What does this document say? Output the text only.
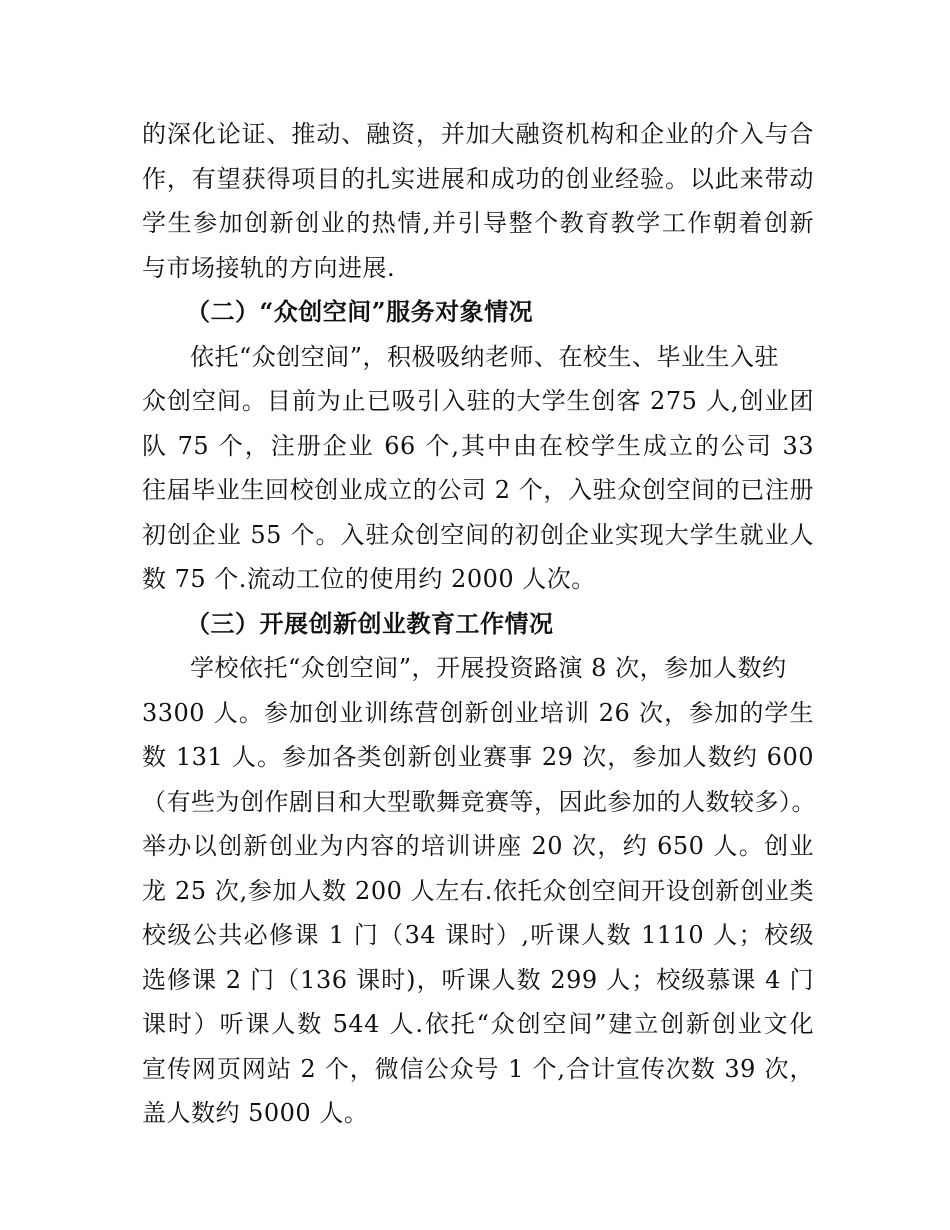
的深化论证、推动、融资，并加大融资机构和企业的介入与合
作，有望获得项目的扎实进展和成功的创业经验。以此来带动
学生参加创新创业的热情,并引导整个教育教学工作朝着创新
与市场接轨的方向进展.
（二）“众创空间”服务对象情况
依托“众创空间”，积极吸纳老师、在校生、毕业生入驻
众创空间。目前为止已吸引入驻的大学生创客 275 人,创业团
队 75 个，注册企业 66 个,其中由在校学生成立的公司 33
往届毕业生回校创业成立的公司 2 个，入驻众创空间的已注册
初创企业 55 个。入驻众创空间的初创企业实现大学生就业人
数 75 个.流动工位的使用约 2000 人次。
（三）开展创新创业教育工作情况
学校依托“众创空间”，开展投资路演 8 次，参加人数约
3300 人。参加创业训练营创新创业培训 26 次，参加的学生
数 131 人。参加各类创新创业赛事 29 次，参加人数约 600
（有些为创作剧目和大型歌舞竞赛等，因此参加的人数较多）。
举办以创新创业为内容的培训讲座 20 次，约 650 人。创业
龙 25 次,参加人数 200 人左右.依托众创空间开设创新创业类
校级公共必修课 1 门（34 课时）,听课人数 1110 人；校级
选修课 2 门（136 课时)，听课人数 299 人；校级慕课 4 门
课时）听课人数 544 人.依托“众创空间”建立创新创业文化
宣传网页网站 2 个，微信公众号 1 个,合计宣传次数 39 次，
盖人数约 5000 人。
